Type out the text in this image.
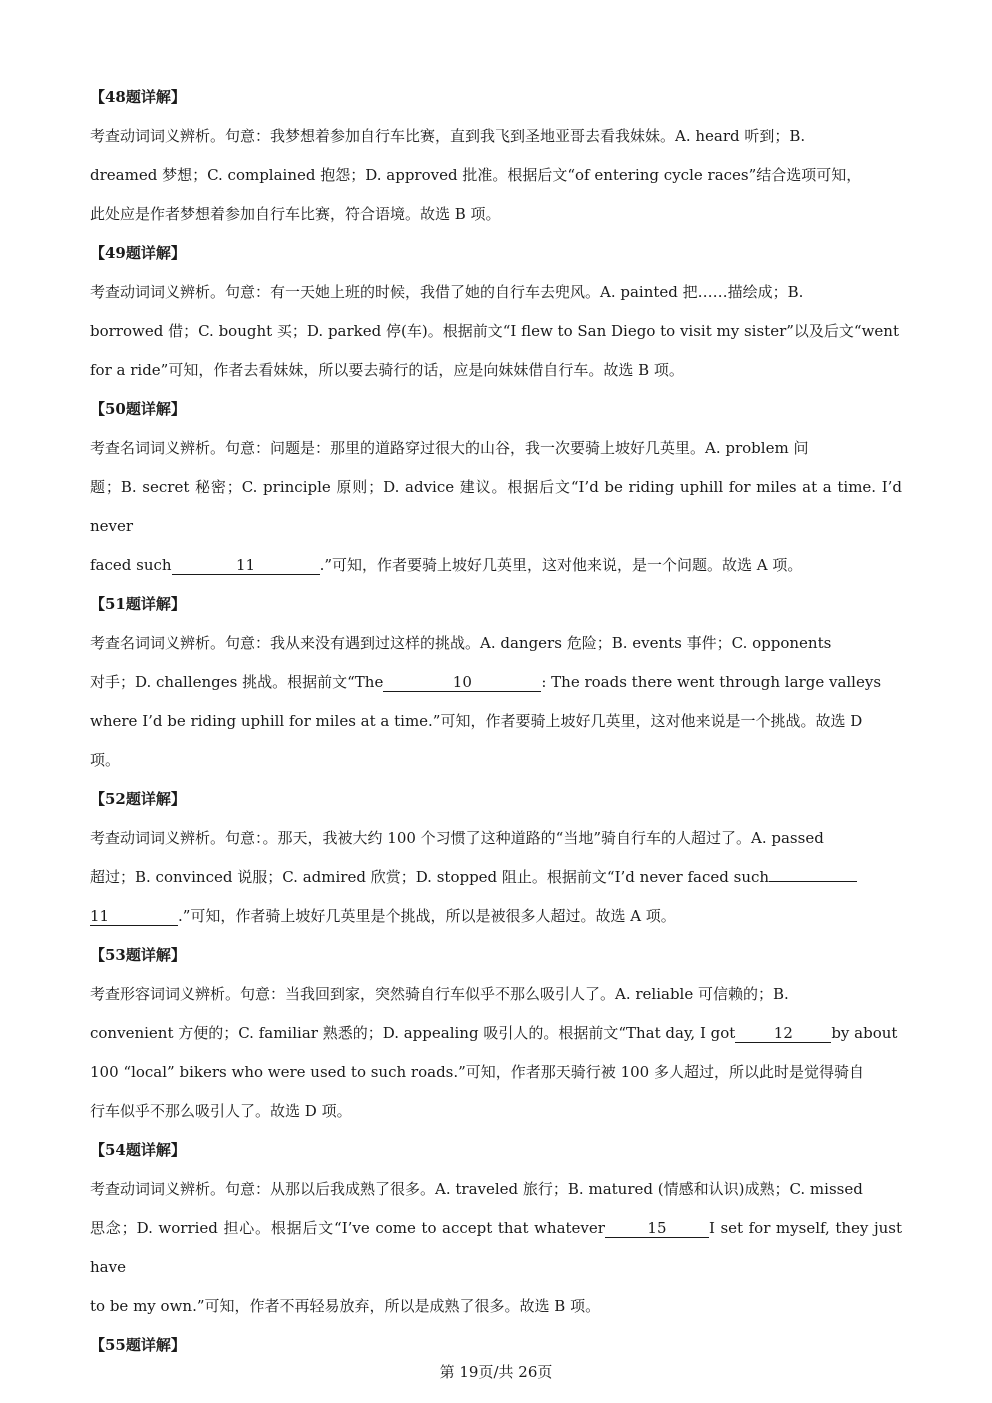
【48题详解】

考查动词词义辨析。句意：我梦想着参加自行车比赛，直到我飞到圣地亚哥去看我妹妹。A. heard 听到；B.

dreamed 梦想；C. complained 抱怨；D. approved 批准。根据后文“of entering cycle races”结合选项可知，

此处应是作者梦想着参加自行车比赛，符合语境。故选 B 项。

【49题详解】

考查动词词义辨析。句意：有一天她上班的时候，我借了她的自行车去兜风。A. painted 把……描绘成；B.

borrowed 借；C. bought 买；D. parked 停(车)。根据前文“I flew to San Diego to visit my sister”以及后文“went

for a ride”可知，作者去看妹妹，所以要去骑行的话，应是向妹妹借自行车。故选 B 项。

【50题详解】

考查名词词义辨析。句意：问题是：那里的道路穿过很大的山谷，我一次要骑上坡好几英里。A. problem 问

题；B. secret 秘密；C. principle 原则；D. advice 建议。根据后文“I’d be riding uphill for miles at a time. I’d never

faced such	11	.”可知，作者要骑上坡好几英里，这对他来说，是一个问题。故选 A 项。

【51题详解】

考查名词词义辨析。句意：我从来没有遇到过这样的挑战。A. dangers 危险；B. events 事件；C. opponents

对手；D. challenges 挑战。根据前文“The	10	: The roads there went through large valleys

where I’d be riding uphill for miles at a time.”可知，作者要骑上坡好几英里，这对他来说是一个挑战。故选 D

项。

【52题详解】

考查动词词义辨析。句意：。那天，我被大约 100 个习惯了这种道路的“当地”骑自行车的人超过了。A. passed

超过；B. convinced 说服；C. admired 欣赏；D. stopped 阻止。根据前文“I’d never faced such

11	.”可知，作者骑上坡好几英里是个挑战，所以是被很多人超过。故选 A 项。

【53题详解】

考查形容词词义辨析。句意：当我回到家，突然骑自行车似乎不那么吸引人了。A. reliable 可信赖的；B.

convenient 方便的；C. familiar 熟悉的；D. appealing 吸引人的。根据前文“That day, I got	12	by about

100 “local” bikers who were used to such roads.”可知，作者那天骑行被 100 多人超过，所以此时是觉得骑自

行车似乎不那么吸引人了。故选 D 项。

【54题详解】

考查动词词义辨析。句意：从那以后我成熟了很多。A. traveled 旅行；B. matured (情感和认识)成熟；C. missed

思念；D. worried 担心。根据后文“I’ve come to accept that whatever	15	I set for myself, they just have

to be my own.”可知，作者不再轻易放弃，所以是成熟了很多。故选 B 项。

【55题详解】

第 19页/共 26页
